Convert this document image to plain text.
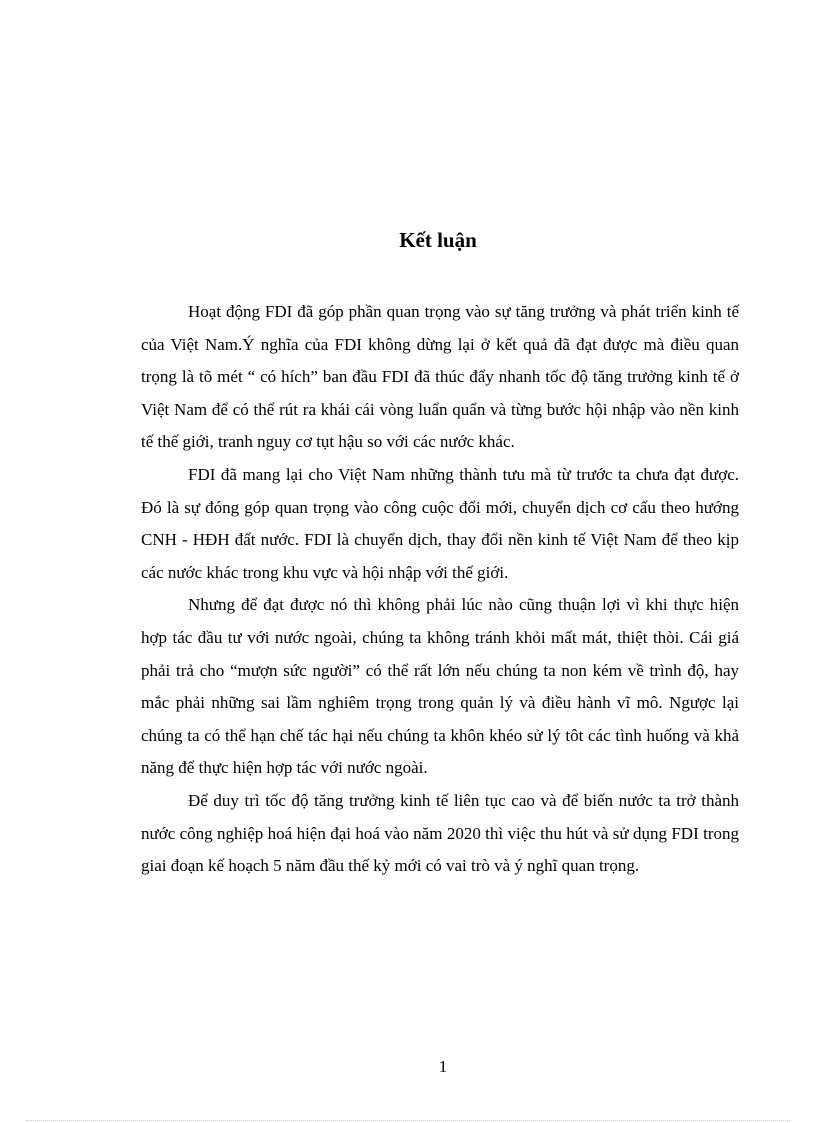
Kết luận

Hoạt động FDI đã góp phần quan trọng vào sự tăng trưởng và phát triển kinh tế của Việt Nam.Ý nghĩa của FDI không dừng lại ở kết quả đã đạt được mà điều quan trọng là tõ mét “ có hích” ban đầu FDI đã thúc đẩy nhanh tốc độ tăng trưởng kinh tế ở Việt Nam để có thể rút ra khái cái vòng luẩn quẩn và từng bước hội nhập vào nền kinh tế thế giới, tranh nguy cơ tụt hậu so với các nước khác.

FDI đã mang lại cho Việt Nam những thành tưu mà từ trước ta chưa đạt được. Đó là sự đóng góp quan trọng vào công cuộc đổi mới, chuyển dịch cơ cấu theo hướng CNH - HĐH đất nước. FDI là chuyển dịch, thay đổi nền kinh tế Việt Nam để theo kịp các nước khác trong khu vực và hội nhập với thế giới.

Nhưng để đạt được nó thì không phải lúc nào cũng thuận lợi vì khi thực hiện hợp tác đầu tư với nước ngoài, chúng ta không tránh khỏi mất mát, thiệt thòi. Cái giá phải trả cho “mượn sức người” có thể rất lớn nếu chúng ta non kém về trình độ, hay mắc phải những sai lầm nghiêm trọng trong quản lý và điều hành vĩ mô. Ngược lại chúng ta có thể hạn chế tác hại nếu chúng ta khôn khéo sử lý tôt các tình huống và khả năng để thực hiện hợp tác với nước ngoài.

Để duy trì tốc độ tăng trưởng kinh tế liên tục cao và để biến nước ta trở thành nước công nghiệp hoá hiện đại hoá vào năm 2020 thì việc thu hút và sử dụng FDI trong giai đoạn kế hoạch 5 năm đầu thế kỷ mới có vai trò và ý nghĩ quan trọng.

1
